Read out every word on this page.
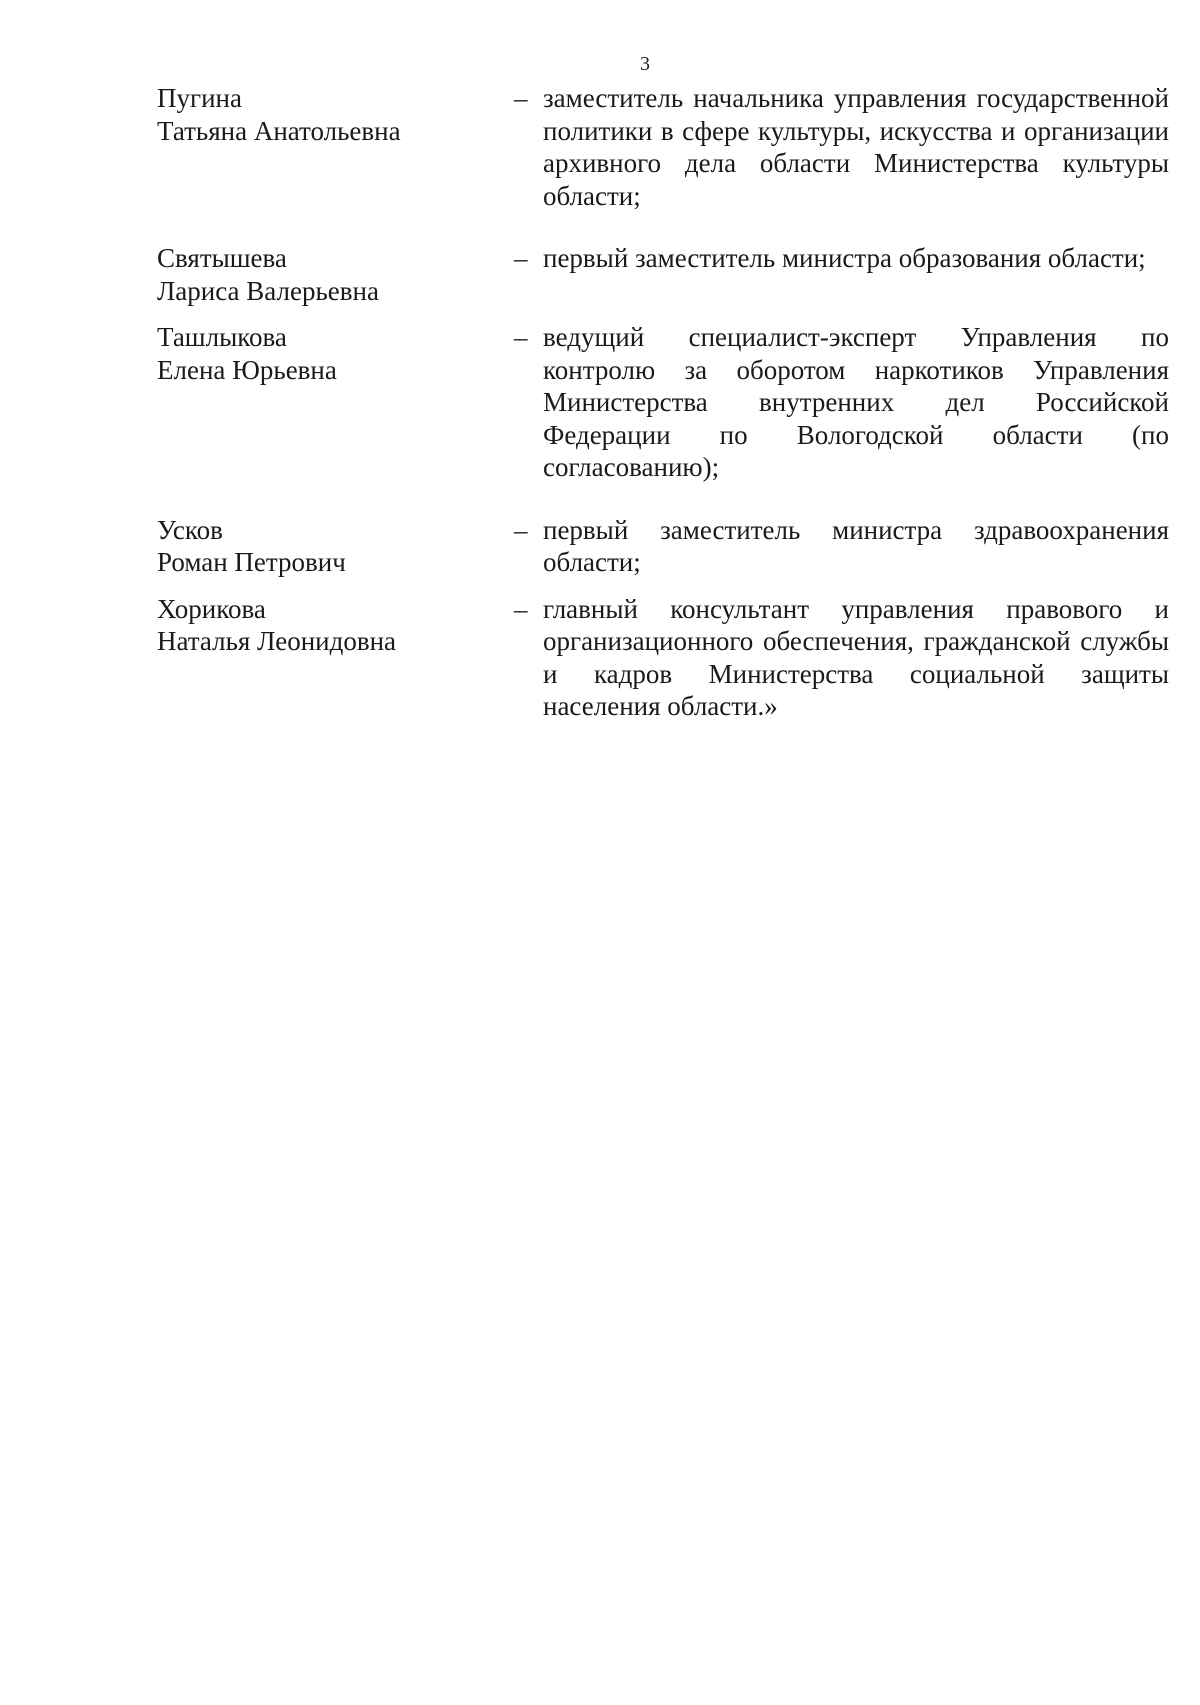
3
Пугина
Татьяна Анатольевна
– заместитель начальника управления государственной политики в сфере культуры, искусства и организации архивного дела области Министерства культуры области;
Святышева
Лариса Валерьевна
– первый заместитель министра образования области;
Ташлыкова
Елена Юрьевна
– ведущий специалист-эксперт Управления по контролю за оборотом наркотиков Управления Министерства внутренних дел Российской Федерации по Вологодской области (по согласованию);
Усков
Роман Петрович
– первый заместитель министра здравоохранения области;
Хорикова
Наталья Леонидовна
– главный консультант управления правового и организационного обеспечения, гражданской службы и кадров Министерства социальной защиты населения области.»
